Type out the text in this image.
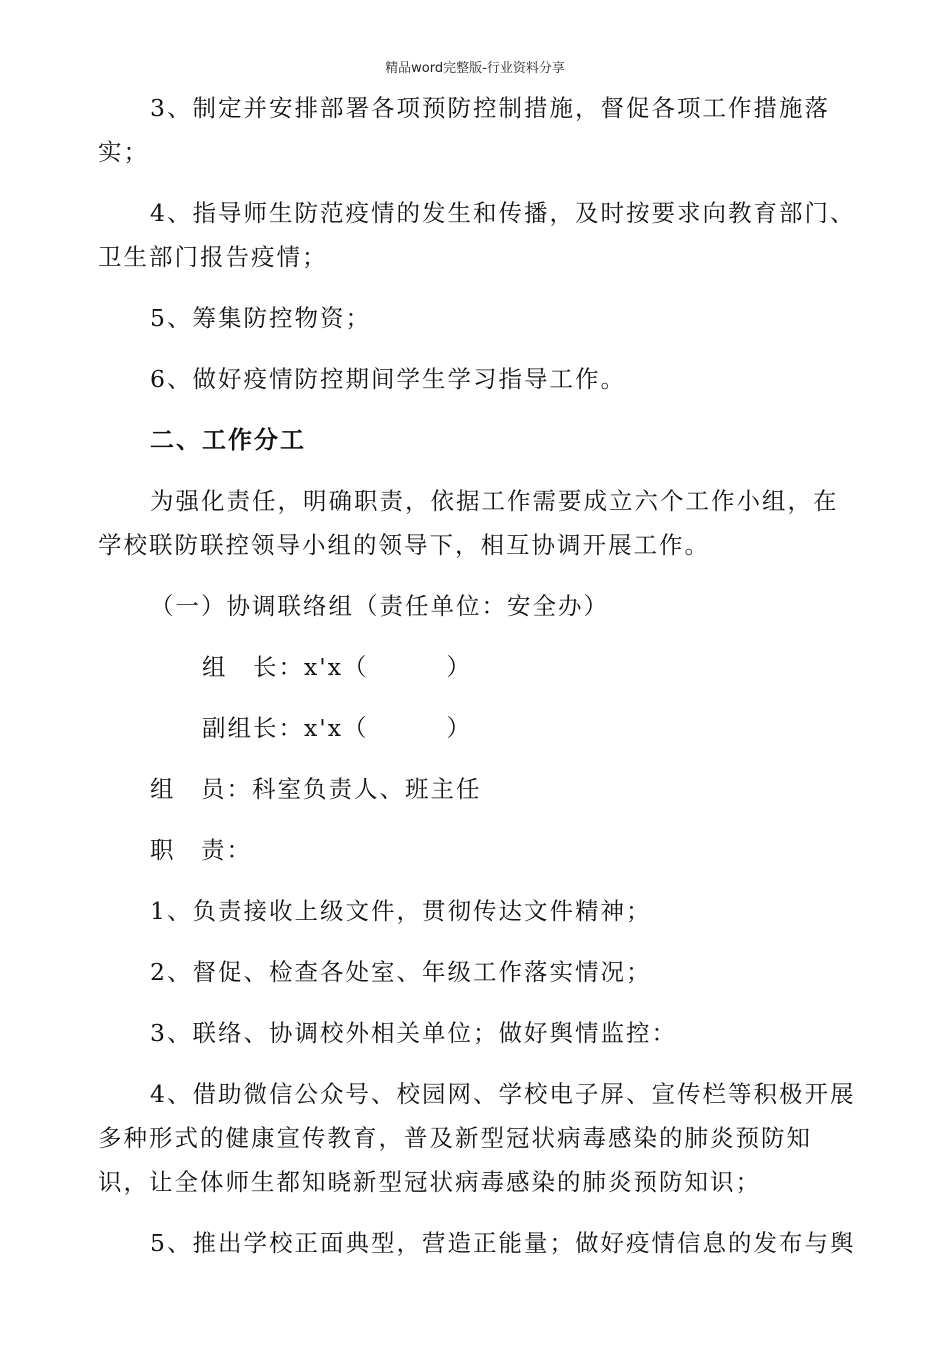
精品word完整版-行业资料分享

3、制定并安排部署各项预防控制措施，督促各项工作措施落实；

4、指导师生防范疫情的发生和传播，及时按要求向教育部门、卫生部门报告疫情；

5、筹集防控物资；

6、做好疫情防控期间学生学习指导工作。

二、工作分工

为强化责任，明确职责，依据工作需要成立六个工作小组，在学校联防联控领导小组的领导下，相互协调开展工作。

（一）协调联络组（责任单位：安全办）

组　长：x'x（	）

副组长：x'x（	）

组　员：科室负责人、班主任

职　责：

1、负责接收上级文件，贯彻传达文件精神；

2、督促、检查各处室、年级工作落实情况；

3、联络、协调校外相关单位；做好舆情监控：

4、借助微信公众号、校园网、学校电子屏、宣传栏等积极开展多种形式的健康宣传教育，普及新型冠状病毒感染的肺炎预防知识，让全体师生都知晓新型冠状病毒感染的肺炎预防知识；

5、推出学校正面典型，营造正能量；做好疫情信息的发布与舆
